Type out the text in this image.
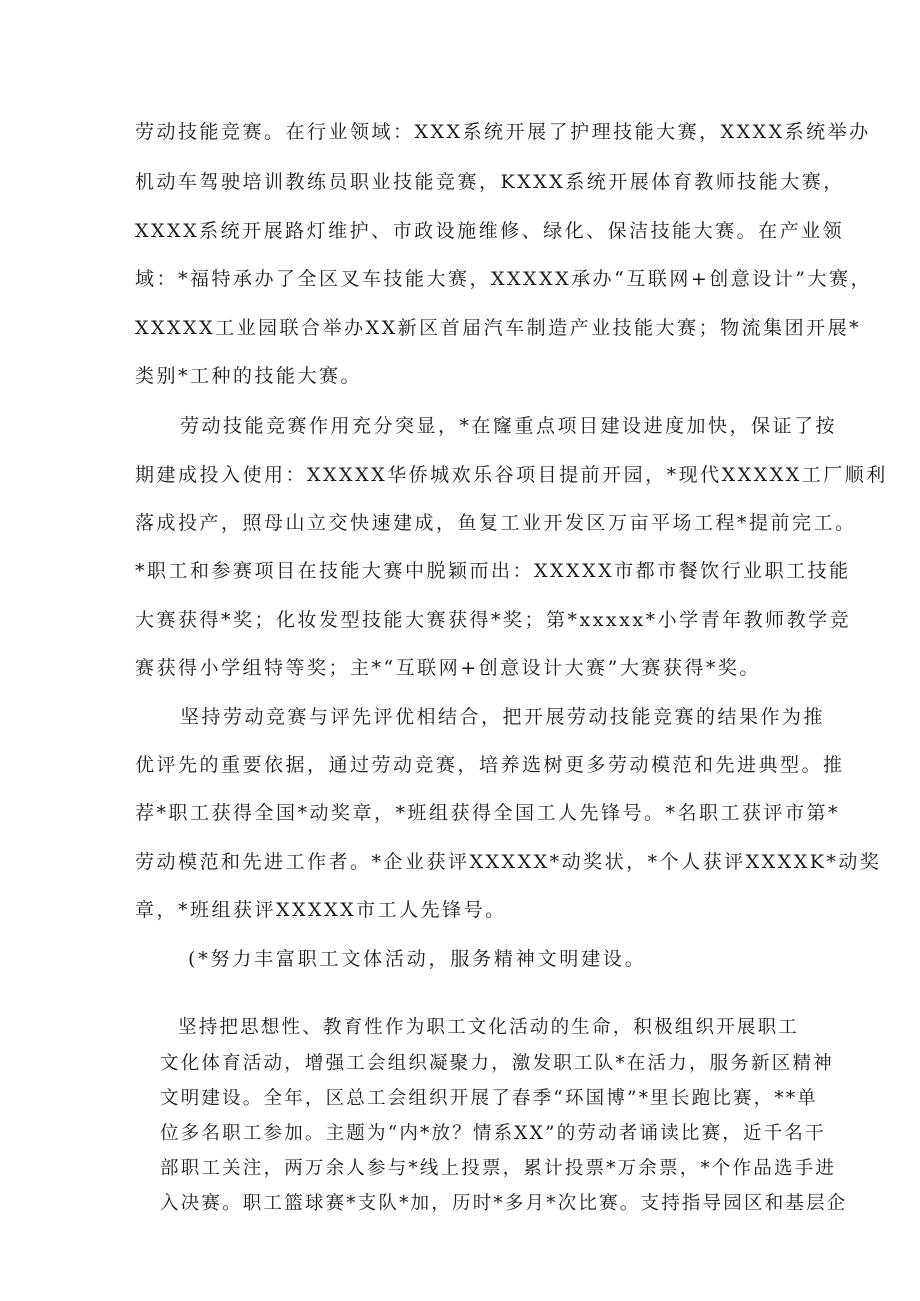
劳动技能竞赛。在行业领域：XXX系统开展了护理技能大赛，XXXX系统举办
机动车驾驶培训教练员职业技能竞赛，KXXX系统开展体育教师技能大赛，
XXXX系统开展路灯维护、市政设施维修、绿化、保洁技能大赛。在产业领
域：*福特承办了全区叉车技能大赛，XXXXX承办“互联网+创意设计”大赛，
XXXXX工业园联合举办XX新区首届汽车制造产业技能大赛；物流集团开展*
类别*工种的技能大赛。
劳动技能竞赛作用充分突显，*在窿重点项目建设进度加快，保证了按
期建成投入使用：XXXXX华侨城欢乐谷项目提前开园，*现代XXXXX工厂顺利
落成投产，照母山立交快速建成，鱼复工业开发区万亩平场工程*提前完工。
*职工和参赛项目在技能大赛中脱颖而出：XXXXX市都市餐饮行业职工技能
大赛获得*奖；化妆发型技能大赛获得*奖；第*xxxxx*小学青年教师教学竞
赛获得小学组特等奖；主*“互联网+创意设计大赛”大赛获得*奖。
坚持劳动竞赛与评先评优相结合，把开展劳动技能竞赛的结果作为推
优评先的重要依据，通过劳动竞赛，培养选树更多劳动模范和先进典型。推
荐*职工获得全国*动奖章，*班组获得全国工人先锋号。*名职工获评市第*
劳动模范和先进工作者。*企业获评XXXXX*动奖状，*个人获评XXXXK*动奖
章，*班组获评XXXXX市工人先锋号。
(*努力丰富职工文体活动，服务精神文明建设。
坚持把思想性、教育性作为职工文化活动的生命，积极组织开展职工
文化体育活动，增强工会组织凝聚力，激发职工队*在活力，服务新区精神
文明建设。全年，区总工会组织开展了春季“环国博”*里长跑比赛，**单
位多名职工参加。主题为“内*放？情系XX”的劳动者诵读比赛，近千名干
部职工关注，两万余人参与*线上投票，累计投票*万余票，*个作品选手进
入决赛。职工篮球赛*支队*加，历时*多月*次比赛。支持指导园区和基层企
